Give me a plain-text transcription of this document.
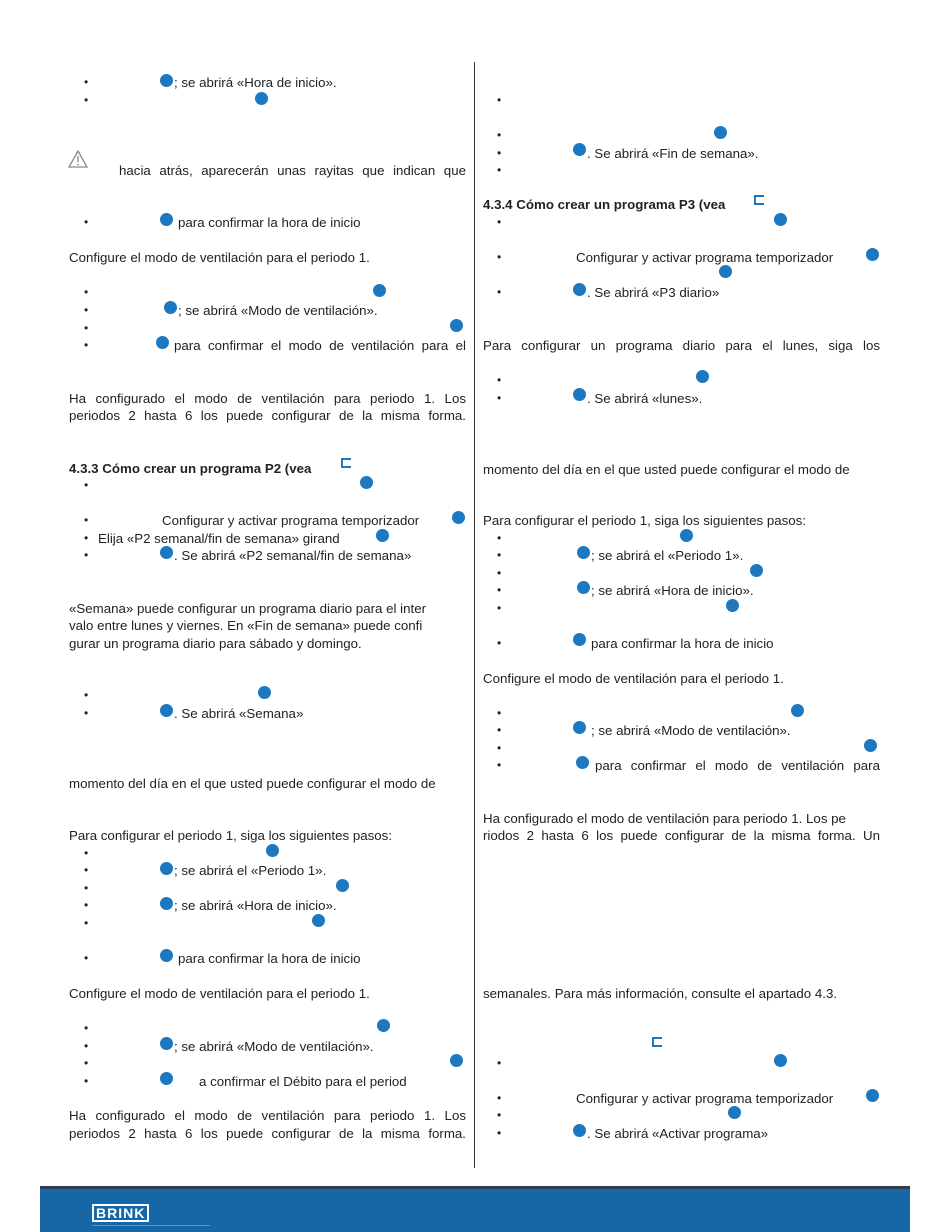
•	; se abrirá «Hora de inicio».
•
hacia atrás, aparecerán unas rayitas que indican que
•	para confirmar la hora de inicio
Configure el modo de ventilación para el periodo 1.
•
•	; se abrirá «Modo de ventilación».
•
•	para confirmar el modo de ventilación para el
Ha configurado el modo de ventilación para periodo 1. Los
periodos 2 hasta 6 los puede configurar de la misma forma.
4.3.3 Cómo crear un programa P2 (vea
•
•	Configurar y activar programa temporizador
• Elija «P2 semanal/fin de semana» girand
•	. Se abrirá «P2 semanal/fin de semana»
«Semana» puede configurar un programa diario para el inter
valo entre lunes y viernes. En «Fin de semana» puede confi
gurar un programa diario para sábado y domingo.
•
•	. Se abrirá «Semana»
momento del día en el que usted puede configurar el modo de
Para configurar el periodo 1, siga los siguientes pasos:
•
•	; se abrirá el «Periodo 1».
•
•	; se abrirá «Hora de inicio».
•
•	para confirmar la hora de inicio
Configure el modo de ventilación para el periodo 1.
•
•	; se abrirá «Modo de ventilación».
•
•	a confirmar el Débito para el period
Ha configurado el modo de ventilación para periodo 1. Los
periodos 2 hasta 6 los puede configurar de la misma forma.
•
•
•	. Se abrirá «Fin de semana».
•
4.3.4 Cómo crear un programa P3 (vea
•
•	Configurar y activar programa temporizador
•	. Se abrirá «P3 diario»
Para configurar un programa diario para el lunes, siga los
•
•	. Se abrirá «lunes».
momento del día en el que usted puede configurar el modo de
Para configurar el periodo 1, siga los siguientes pasos:
•
•	; se abrirá el «Periodo 1».
•
•	; se abrirá «Hora de inicio».
•
•	para confirmar la hora de inicio
Configure el modo de ventilación para el periodo 1.
•
•	; se abrirá «Modo de ventilación».
•
•	para confirmar el modo de ventilación para
Ha configurado el modo de ventilación para periodo 1. Los pe
riodos 2 hasta 6 los puede configurar de la misma forma. Un
semanales. Para más información, consulte el apartado 4.3.
•
•	Configurar y activar programa temporizador
•
•	. Se abrirá «Activar programa»
BRINK
